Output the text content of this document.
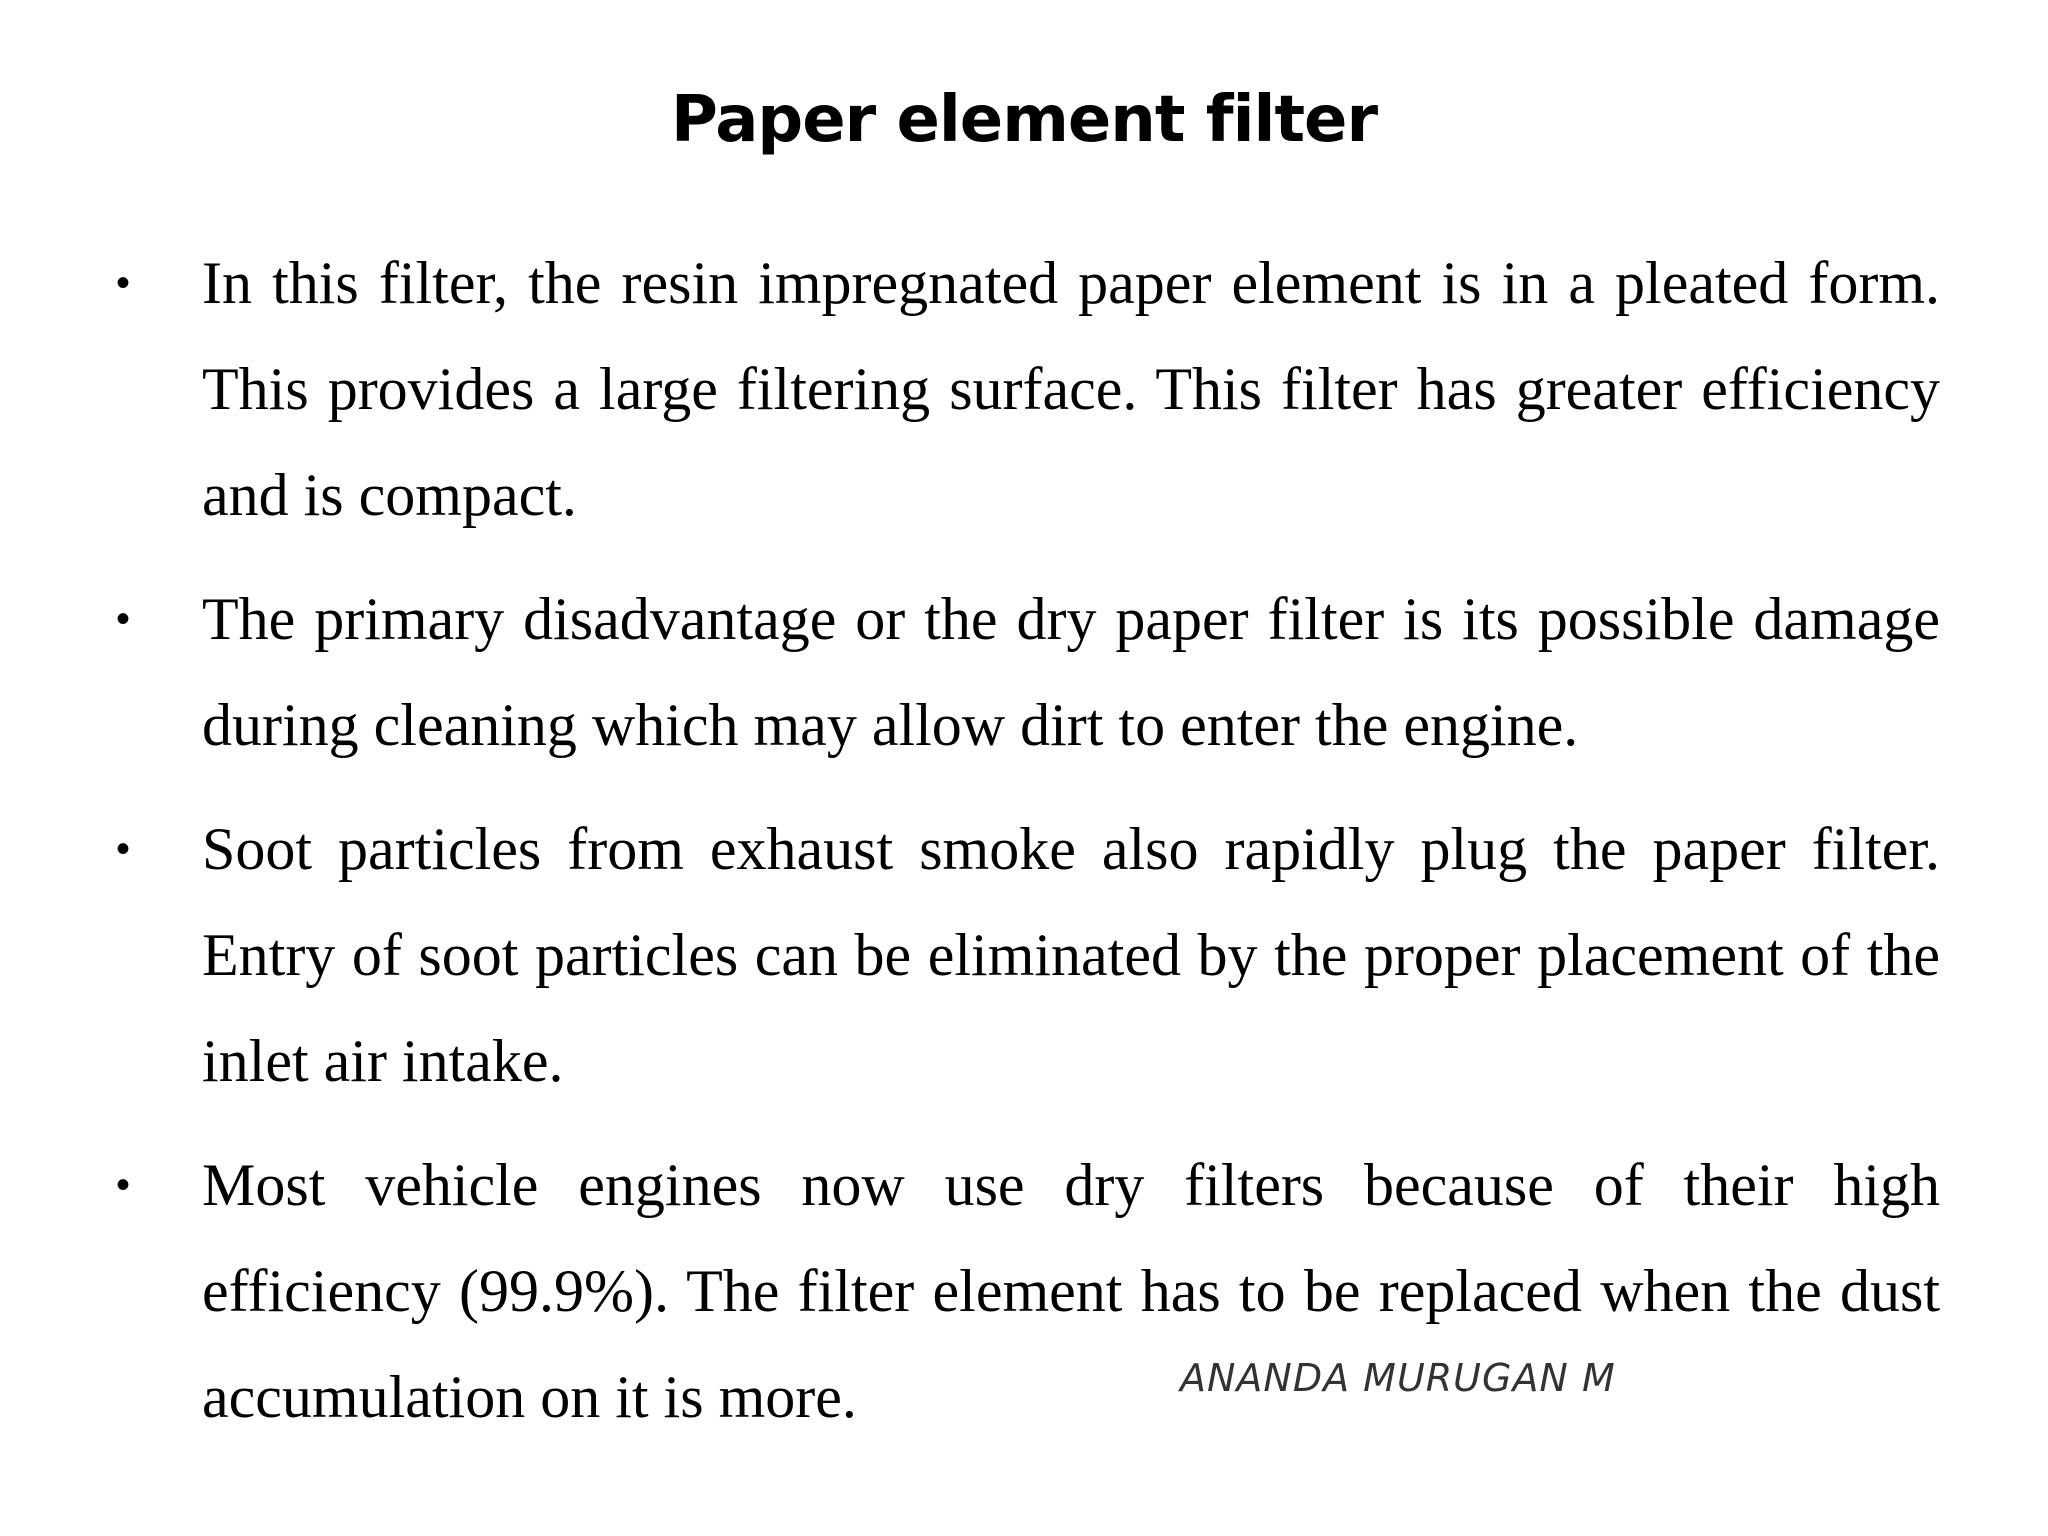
Paper element filter
•	In this filter, the resin impregnated paper element is in a pleated form. This provides a large filtering surface. This filter has greater efficiency and is compact.
•	The primary disadvantage or the dry paper filter is its possible damage during cleaning which may allow dirt to enter the engine.
•	Soot particles from exhaust smoke also rapidly plug the paper filter. Entry of soot particles can be eliminated by the proper placement of the inlet air intake.
•	Most vehicle engines now use dry filters because of their high efficiency (99.9%). The filter element has to be replaced when the dust accumulation on it is more.	ANANDA MURUGAN M
